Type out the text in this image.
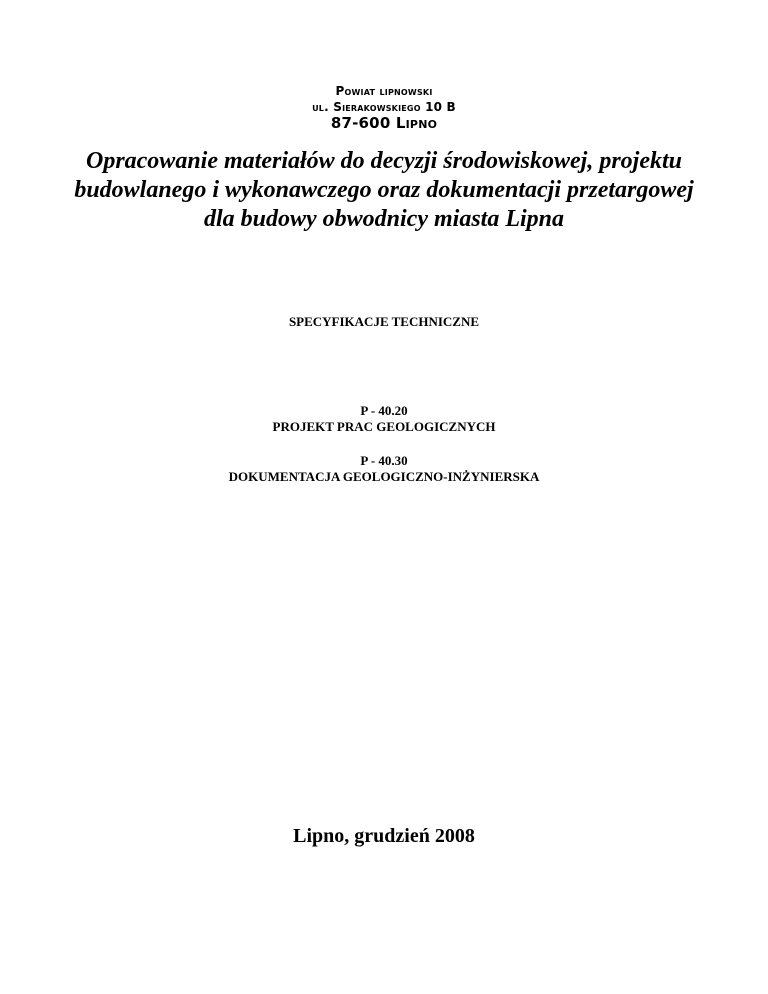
Powiat lipnowski
ul. Sierakowskiego 10 B
87-600 Lipno
Opracowanie materiałów do decyzji środowiskowej, projektu
budowlanego i wykonawczego oraz dokumentacji przetargowej
dla budowy obwodnicy miasta Lipna
SPECYFIKACJE TECHNICZNE
P - 40.20
PROJEKT PRAC GEOLOGICZNYCH
P - 40.30
DOKUMENTACJA GEOLOGICZNO-INŻYNIERSKA
Lipno, grudzień 2008
